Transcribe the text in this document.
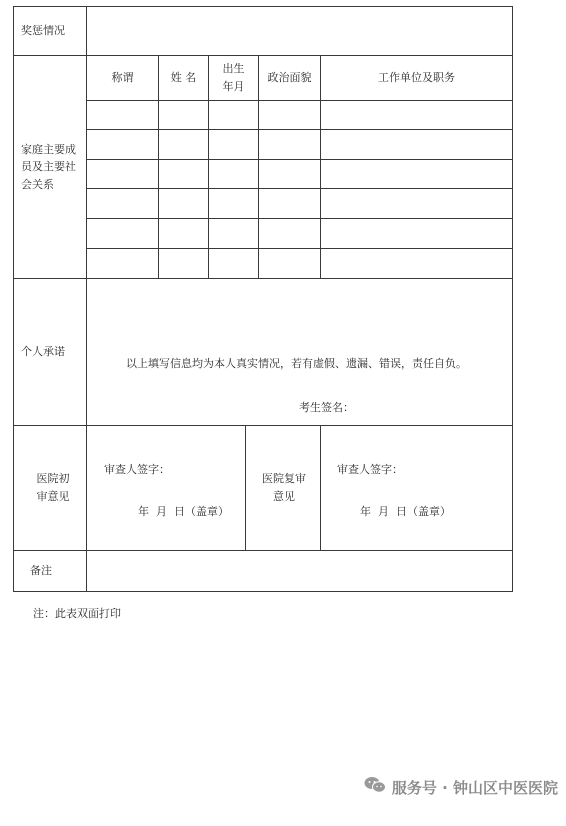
奖惩情况
家庭主要成员及主要社会关系
个人承诺
备注
称谓	姓 名
出生年月
政治面貌	工作单位及职务
以上填写信息均为本人真实情况，若有虚假、遗漏、错误，责任自负。
考生签名：
医院初审意见
审查人签字：
年  月  日（盖章）
医院复审意见
审查人签字：
年  月  日（盖章）
注：此表双面打印
服务号 · 钟山区中医医院
